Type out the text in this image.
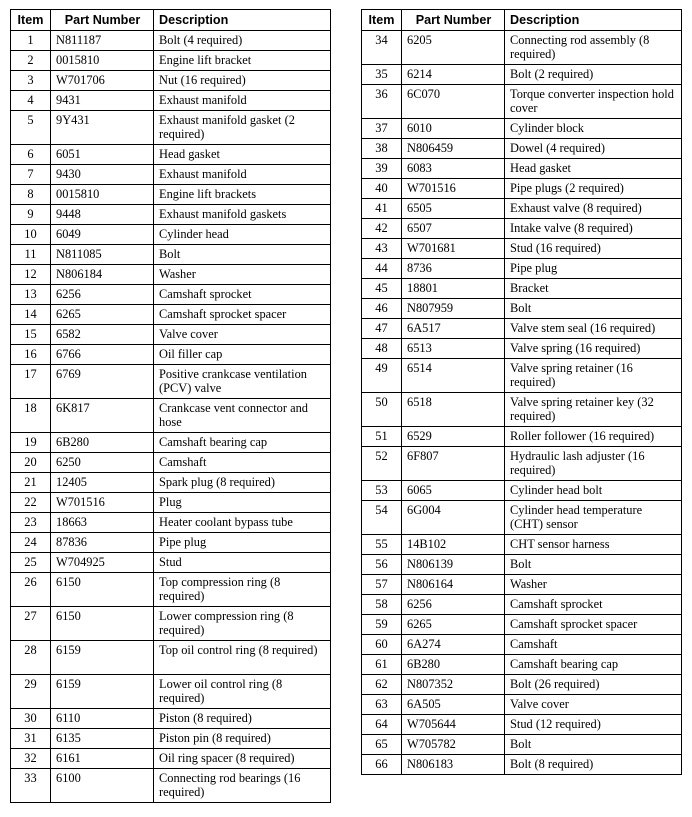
Item	Part Number	Description
1	N811187	Bolt (4 required)
2	0015810	Engine lift bracket
3	W701706	Nut (16 required)
4	9431	Exhaust manifold
5	9Y431	Exhaust manifold gasket (2 required)
6	6051	Head gasket
7	9430	Exhaust manifold
8	0015810	Engine lift brackets
9	9448	Exhaust manifold gaskets
10	6049	Cylinder head
11	N811085	Bolt
12	N806184	Washer
13	6256	Camshaft sprocket
14	6265	Camshaft sprocket spacer
15	6582	Valve cover
16	6766	Oil filler cap
17	6769	Positive crankcase ventilation (PCV) valve
18	6K817	Crankcase vent connector and hose
19	6B280	Camshaft bearing cap
20	6250	Camshaft
21	12405	Spark plug (8 required)
22	W701516	Plug
23	18663	Heater coolant bypass tube
24	87836	Pipe plug
25	W704925	Stud
26	6150	Top compression ring (8 required)
27	6150	Lower compression ring (8 required)
28	6159	Top oil control ring (8 required)
29	6159	Lower oil control ring (8 required)
30	6110	Piston (8 required)
31	6135	Piston pin (8 required)
32	6161	Oil ring spacer (8 required)
33	6100	Connecting rod bearings (16 required)
Item	Part Number	Description
34	6205	Connecting rod assembly (8 required)
35	6214	Bolt (2 required)
36	6C070	Torque converter inspection hold cover
37	6010	Cylinder block
38	N806459	Dowel (4 required)
39	6083	Head gasket
40	W701516	Pipe plugs (2 required)
41	6505	Exhaust valve (8 required)
42	6507	Intake valve (8 required)
43	W701681	Stud (16 required)
44	8736	Pipe plug
45	18801	Bracket
46	N807959	Bolt
47	6A517	Valve stem seal (16 required)
48	6513	Valve spring (16 required)
49	6514	Valve spring retainer (16 required)
50	6518	Valve spring retainer key (32 required)
51	6529	Roller follower (16 required)
52	6F807	Hydraulic lash adjuster (16 required)
53	6065	Cylinder head bolt
54	6G004	Cylinder head temperature (CHT) sensor
55	14B102	CHT sensor harness
56	N806139	Bolt
57	N806164	Washer
58	6256	Camshaft sprocket
59	6265	Camshaft sprocket spacer
60	6A274	Camshaft
61	6B280	Camshaft bearing cap
62	N807352	Bolt (26 required)
63	6A505	Valve cover
64	W705644	Stud (12 required)
65	W705782	Bolt
66	N806183	Bolt (8 required)
